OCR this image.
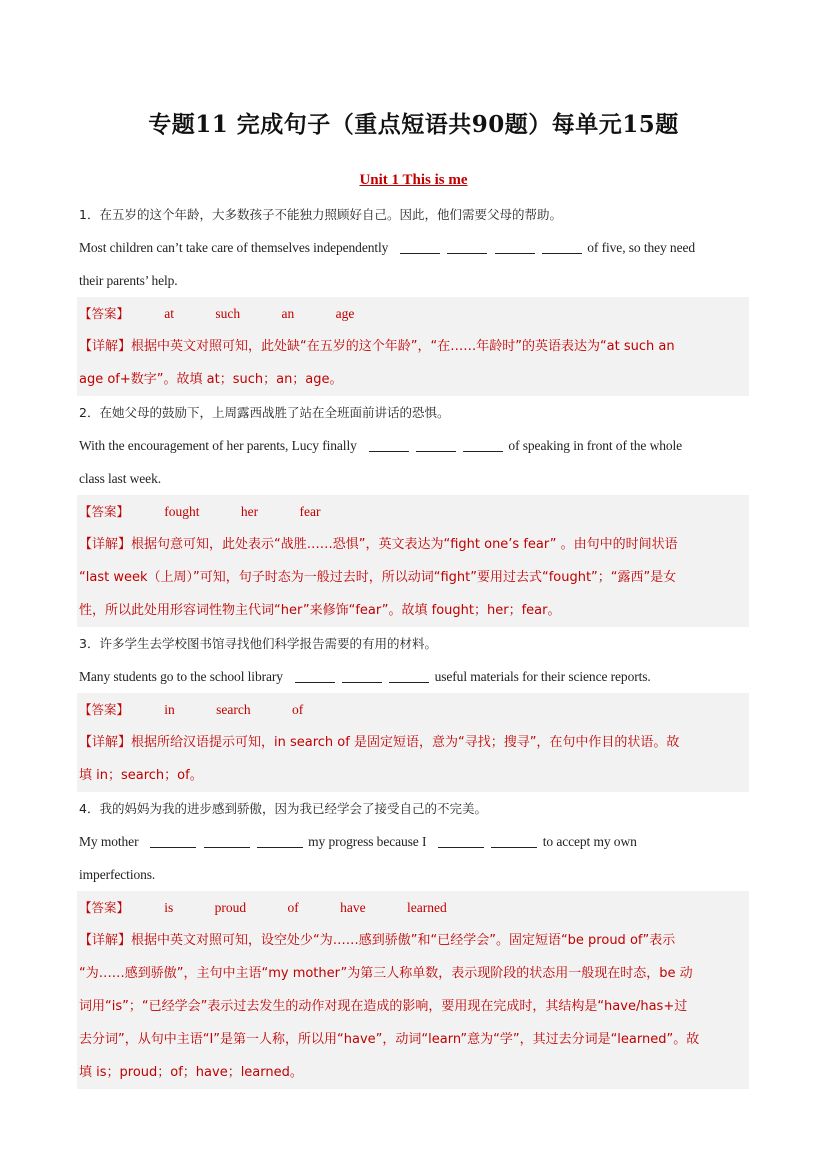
专题11 完成句子（重点短语共90题）每单元15题
Unit 1 This is me
1．在五岁的这个年龄，大多数孩子不能独力照顾好自己。因此，他们需要父母的帮助。
Most children can’t take care of themselves independently	of five, so they need
their parents’ help.
【答案】	at	such	an	age
【详解】根据中英文对照可知，此处缺“在五岁的这个年龄”，“在……年龄时”的英语表达为“at such an
age of+数字”。故填 at；such；an；age。
2．在她父母的鼓励下，上周露西战胜了站在全班面前讲话的恐惧。
With the encouragement of her parents, Lucy finally	of speaking in front of the whole
class last week.
【答案】	fought	her	fear
【详解】根据句意可知，此处表示“战胜……恐惧”，英文表达为“fight one’s fear” 。由句中的时间状语
“last week（上周）”可知，句子时态为一般过去时，所以动词“fight”要用过去式“fought”；“露西”是女
性，所以此处用形容词性物主代词“her”来修饰“fear”。故填 fought；her；fear。
3．许多学生去学校图书馆寻找他们科学报告需要的有用的材料。
Many students go to the school library	useful materials for their science reports.
【答案】	in	search	of
【详解】根据所给汉语提示可知，in search of 是固定短语，意为“寻找；搜寻”，在句中作目的状语。故
填 in；search；of。
4．我的妈妈为我的进步感到骄傲，因为我已经学会了接受自己的不完美。
My mother	my progress because I	to accept my own
imperfections.
【答案】	is	proud	of	have	learned
【详解】根据中英文对照可知，设空处少“为……感到骄傲”和“已经学会”。固定短语“be proud of”表示
“为……感到骄傲”，主句中主语“my mother”为第三人称单数，表示现阶段的状态用一般现在时态，be 动
词用“is”；“已经学会”表示过去发生的动作对现在造成的影响，要用现在完成时，其结构是“have/has+过
去分词”，从句中主语“I”是第一人称，所以用“have”，动词“learn”意为“学”，其过去分词是“learned”。故
填 is；proud；of；have；learned。
